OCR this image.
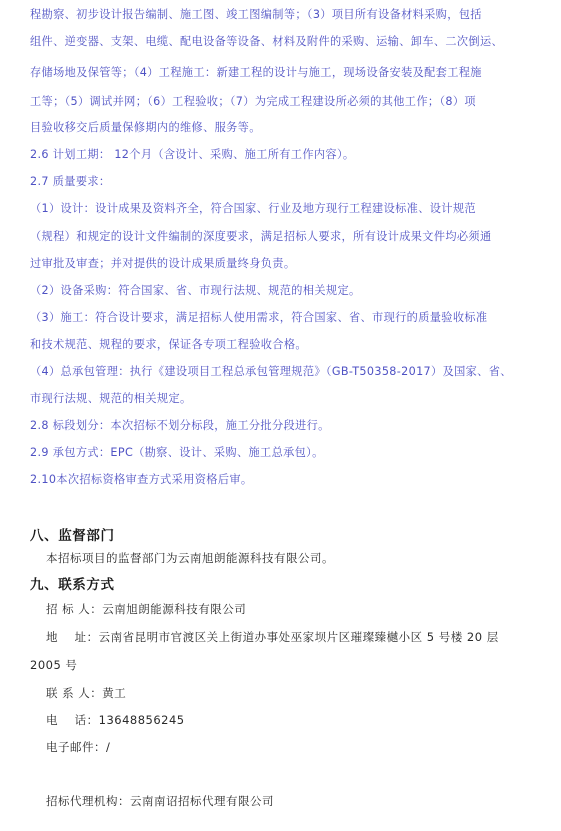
程勘察、初步设计报告编制、施工图、竣工图编制等；（3）项目所有设备材料采购，包括
组件、逆变器、支架、电缆、配电设备等设备、材料及附件的采购、运输、卸车、二次倒运、
存储场地及保管等；（4）工程施工：新建工程的设计与施工，现场设备安装及配套工程施
工等；（5）调试并网；（6）工程验收；（7）为完成工程建设所必须的其他工作；（8）项
目验收移交后质量保修期内的维修、服务等。
2.6 计划工期： 12个月（含设计、采购、施工所有工作内容）。
2.7 质量要求：
（1）设计：设计成果及资料齐全，符合国家、行业及地方现行工程建设标准、设计规范
（规程）和规定的设计文件编制的深度要求，满足招标人要求，所有设计成果文件均必须通
过审批及审查；并对提供的设计成果质量终身负责。
（2）设备采购：符合国家、省、市现行法规、规范的相关规定。
（3）施工：符合设计要求，满足招标人使用需求，符合国家、省、市现行的质量验收标准
和技术规范、规程的要求，保证各专项工程验收合格。
（4）总承包管理：执行《建设项目工程总承包管理规范》（GB-T50358-2017）及国家、省、
市现行法规、规范的相关规定。
2.8 标段划分：本次招标不划分标段，施工分批分段进行。
2.9 承包方式：EPC（勘察、设计、采购、施工总承包）。
2.10本次招标资格审查方式采用资格后审。
八、监督部门
本招标项目的监督部门为云南旭朗能源科技有限公司。
九、联系方式
招 标 人：云南旭朗能源科技有限公司
地    址：云南省昆明市官渡区关上街道办事处巫家坝片区璀璨臻樾小区 5 号楼 20 层
2005 号
联 系 人：黄工
电    话：13648856245
电子邮件：/
招标代理机构：云南南诏招标代理有限公司
